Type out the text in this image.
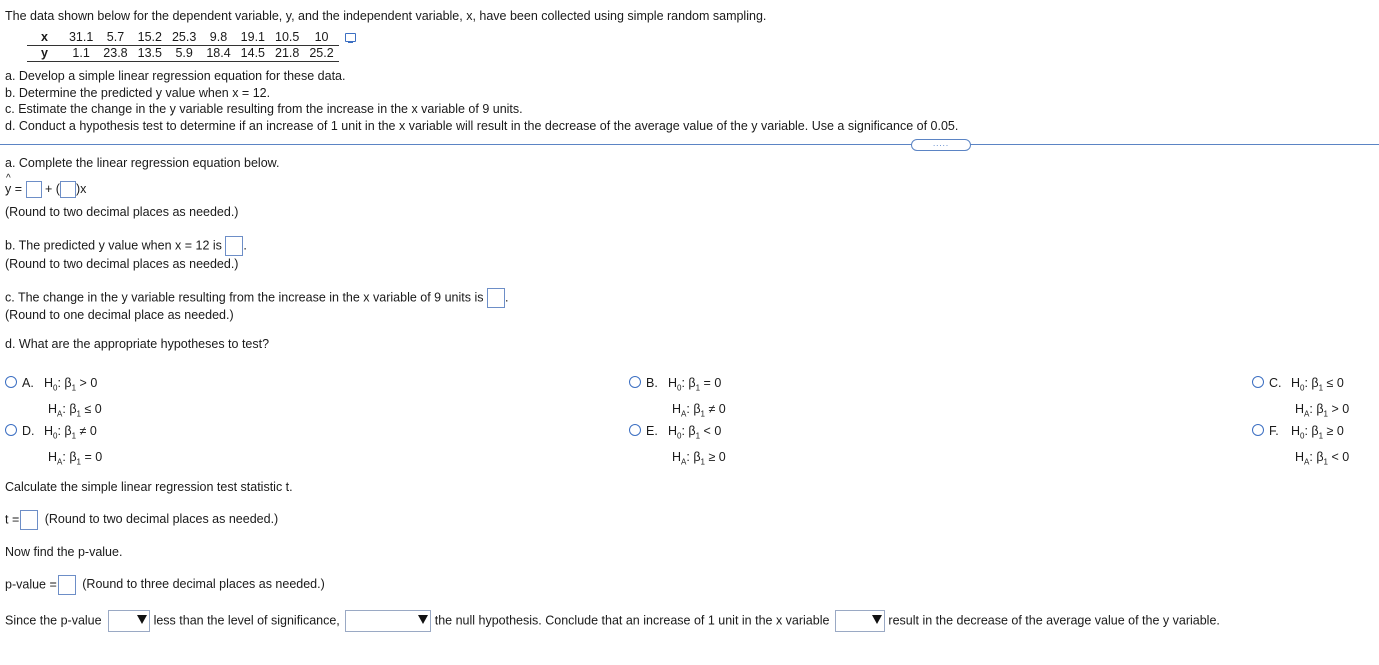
The data shown below for the dependent variable, y, and the independent variable, x, have been collected using simple random sampling.
x	31.1	5.7	15.2	25.3	9.8	19.1	10.5	10	
y	1.1	23.8	13.5	5.9	18.4	14.5	21.8	25.2	
a. Develop a simple linear regression equation for these data.
b. Determine the predicted y value when x = 12.
c. Estimate the change in the y variable resulting from the increase in the x variable of 9 units.
d. Conduct a hypothesis test to determine if an increase of 1 unit in the x variable will result in the decrease of the average value of the y variable. Use a significance of 0.05.
.....
a. Complete the linear regression equation below.
^
y = + ( )x
(Round to two decimal places as needed.)
b. The predicted y value when x = 12 is .
(Round to two decimal places as needed.)
c. The change in the y variable resulting from the increase in the x variable of 9 units is .
(Round to one decimal place as needed.)
d. What are the appropriate hypotheses to test?
A. $H_0$: $\beta_1 > 0$
$H_A$: $\beta_1 \le 0$
B. $H_0$: $\beta_1 = 0$
$H_A$: $\beta_1 \ne 0$
C. $H_0$: $\beta_1 \le 0$
$H_A$: $\beta_1 > 0$
D. $H_0$: $\beta_1 \ne 0$
$H_A$: $\beta_1 = 0$
E. $H_0$: $\beta_1 < 0$
$H_A$: $\beta_1 \ge 0$
F. $H_0$: $\beta_1 \ge 0$
$H_A$: $\beta_1 < 0$
Calculate the simple linear regression test statistic t.
t = (Round to two decimal places as needed.)
Now find the p-value.
p-value = (Round to three decimal places as needed.)
Since the p-value	less than the level of significance,	the null hypothesis. Conclude that an increase of 1 unit in the x variable	result in the decrease of the average value of the y variable.
